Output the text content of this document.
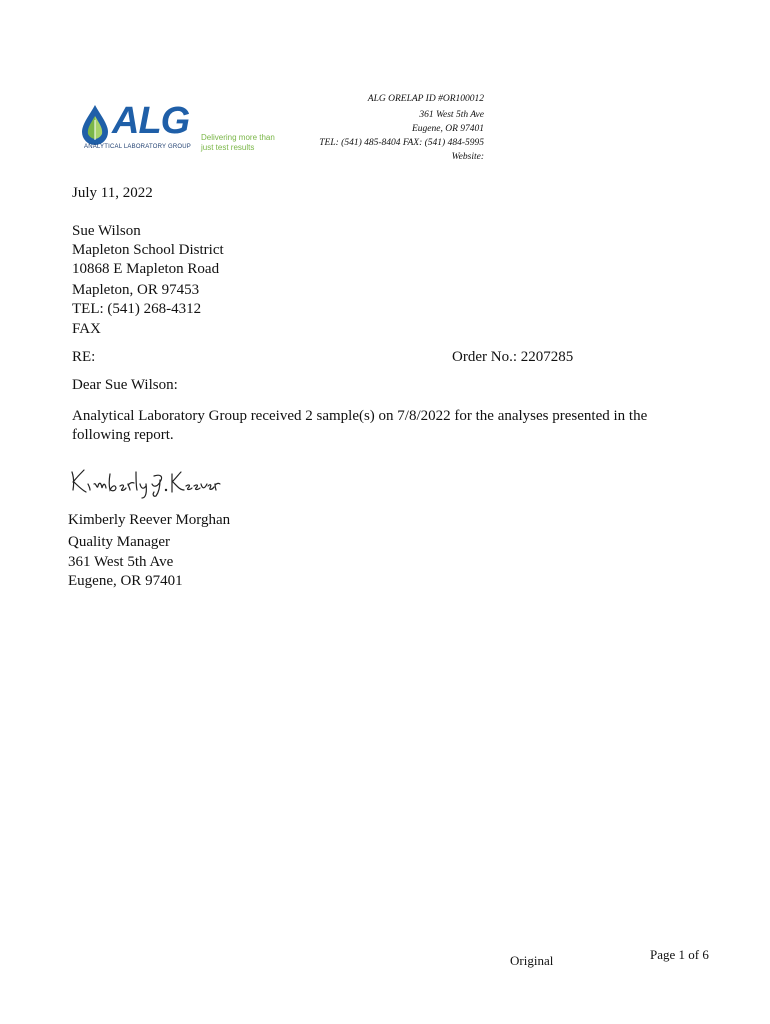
ALG
ANALYTICAL LABORATORY GROUP
Delivering more than
just test results
ALG ORELAP ID #OR100012
361 West 5th Ave
Eugene, OR 97401
TEL: (541) 485-8404 FAX: (541) 484-5995
Website:
July 11, 2022
Sue Wilson
Mapleton School District
10868 E Mapleton Road
Mapleton, OR 97453
TEL: (541) 268-4312
FAX
RE:	Order No.: 2207285
Dear Sue Wilson:
Analytical Laboratory Group received 2 sample(s) on 7/8/2022 for the analyses presented in the
following report.
Kimberly Reever Morghan
Quality Manager
361 West 5th Ave
Eugene, OR 97401
Original	Page 1 of 6
